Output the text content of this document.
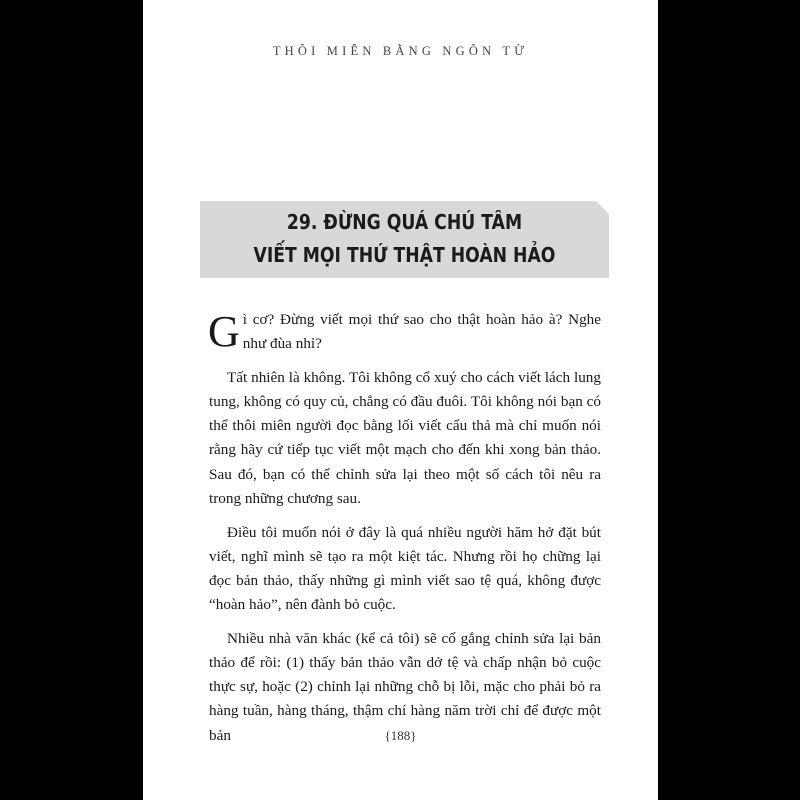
THÔI MIÊN BẰNG NGÔN TỪ
29. ĐỪNG QUÁ CHÚ TÂM
VIẾT MỌI THỨ THẬT HOÀN HẢO

Gì cơ? Đừng viết mọi thứ sao cho thật hoàn hảo à? Nghe như đùa nhỉ?

Tất nhiên là không. Tôi không cổ xuý cho cách viết lách lung tung, không có quy củ, chẳng có đầu đuôi. Tôi không nói bạn có thể thôi miên người đọc bằng lối viết cẩu thả mà chỉ muốn nói rằng hãy cứ tiếp tục viết một mạch cho đến khi xong bản thảo. Sau đó, bạn có thể chỉnh sửa lại theo một số cách tôi nêu ra trong những chương sau.

Điều tôi muốn nói ở đây là quá nhiều người hăm hở đặt bút viết, nghĩ mình sẽ tạo ra một kiệt tác. Nhưng rồi họ chững lại đọc bản thảo, thấy những gì mình viết sao tệ quá, không được “hoàn hảo”, nên đành bỏ cuộc.

Nhiều nhà văn khác (kể cả tôi) sẽ cố gắng chỉnh sửa lại bản thảo để rồi: (1) thấy bản thảo vẫn dở tệ và chấp nhận bỏ cuộc thực sự, hoặc (2) chỉnh lại những chỗ bị lỗi, mặc cho phải bỏ ra hàng tuần, hàng tháng, thậm chí hàng năm trời chỉ để được một bản	{188}
